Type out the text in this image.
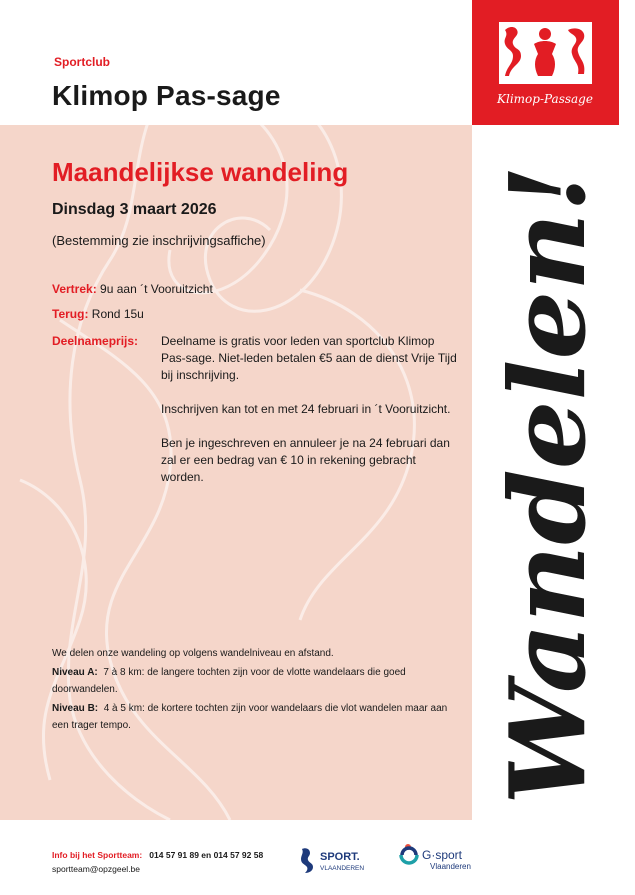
Klimop-Passage
Sportclub
Klimop Pas-sage
Maandelijkse wandeling
Dinsdag 3 maart 2026
(Bestemming zie inschrijvingsaffiche)
Vertrek: 9u aan ´t Vooruitzicht
Terug: Rond 15u
Deelnameprijs: Deelname is gratis voor leden van sportclub Klimop Pas-sage. Niet-leden betalen €5 aan de dienst Vrije Tijd bij inschrijving.

Inschrijven kan tot en met 24 februari in ´t Vooruitzicht.

Ben je ingeschreven en annuleer je na 24 februari dan zal er een bedrag van € 10 in rekening gebracht worden.

We delen onze wandeling op volgens wandelniveau en afstand.
Niveau A: 7 à 8 km: de langere tochten zijn voor de vlotte wandelaars die goed doorwandelen.
Niveau B: 4 à 5 km: de kortere tochten zijn voor wandelaars die vlot wandelen maar aan een trager tempo.	Wandelen!
Info bij het Sportteam: 014 57 91 89 en 014 57 92 58
sportteam@opzgeel.be
SPORT.
VLAANDEREN
G·sport
Vlaanderen
